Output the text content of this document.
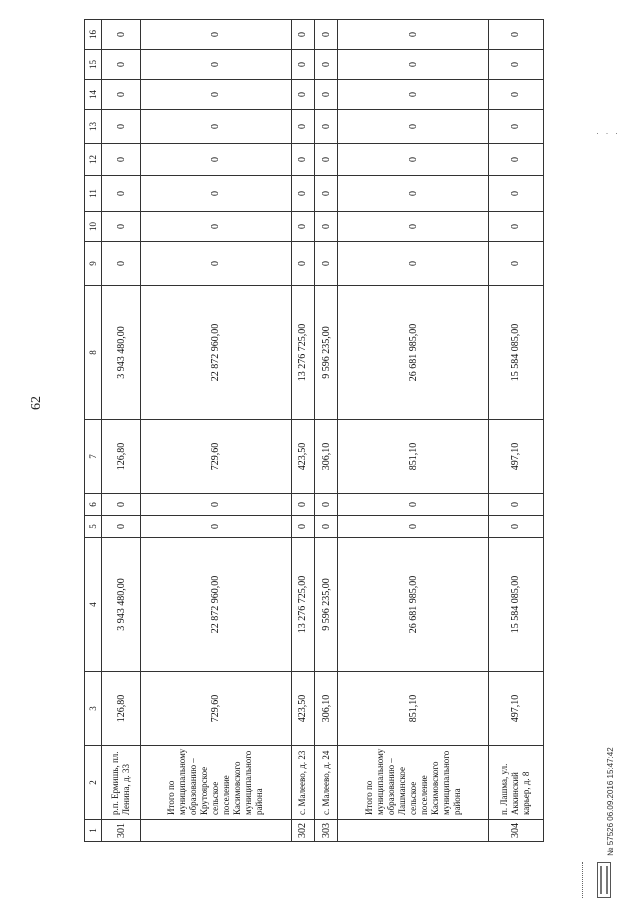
62
· · ·
1	2	3	4	5	6	7	8	9	10	11	12	13	14	15	16
301	р.п. Ермишь, пл. Ленина, д. 33	126,80	3 943 480,00	0	0	126,80	3 943 480,00	0	0	0	0	0	0	0	0
	Итого по муниципальному образованию – Крутоярское сельское поселение Касимовского муниципального района	729,60	22 872 960,00	0	0	729,60	22 872 960,00	0	0	0	0	0	0	0	0
302	с. Малеево, д. 23	423,50	13 276 725,00	0	0	423,50	13 276 725,00	0	0	0	0	0	0	0	0
303	с. Малеево, д. 24	306,10	9 596 235,00	0	0	306,10	9 596 235,00	0	0	0	0	0	0	0	0
	Итого по муниципальному образованию – Лашманское сельское поселение Касимовского муниципального района	851,10	26 681 985,00	0	0	851,10	26 681 985,00	0	0	0	0	0	0	0	0
304	п. Лашма, ул. Аккинский карьер, д. 8	497,10	15 584 085,00	0	0	497,10	15 584 085,00	0	0	0	0	0	0	0	0
№ 57526 06.09.2016 15:47:42
